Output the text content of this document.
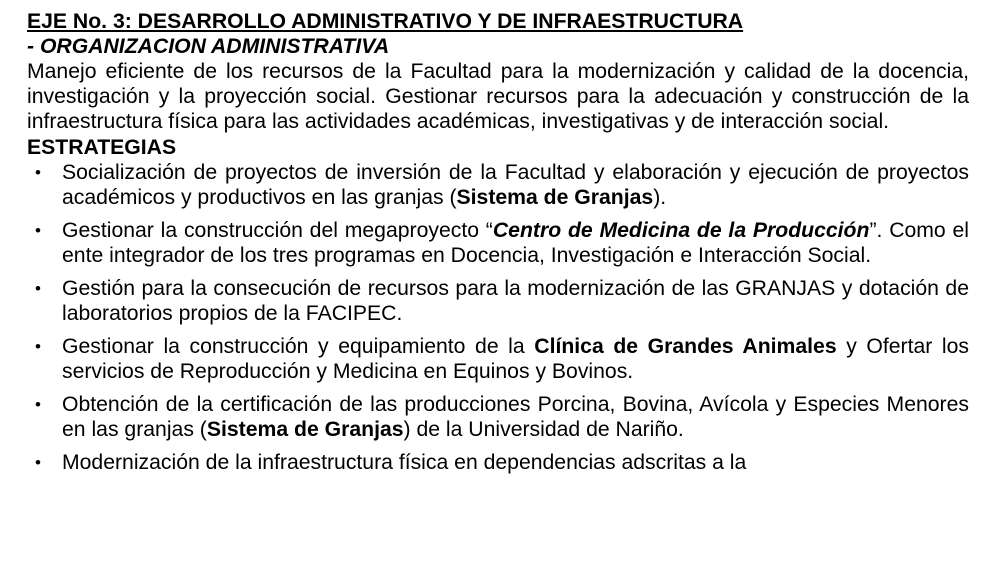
EJE No. 3: DESARROLLO ADMINISTRATIVO Y DE INFRAESTRUCTURA
- ORGANIZACION ADMINISTRATIVA
Manejo eficiente de los recursos de la Facultad para la modernización y calidad de la docencia, investigación y la proyección social. Gestionar recursos para la adecuación y construcción de la infraestructura física para las actividades académicas, investigativas y de interacción social.
ESTRATEGIAS
• Socialización de proyectos de inversión de la Facultad y elaboración y ejecución de proyectos académicos y productivos en las granjas (Sistema de Granjas).
• Gestionar la construcción del megaproyecto “Centro de Medicina de la Producción”. Como el ente integrador de los tres programas en Docencia, Investigación e Interacción Social.
• Gestión para la consecución de recursos para la modernización de las GRANJAS y dotación de laboratorios propios de la FACIPEC.
• Gestionar la construcción y equipamiento de la Clínica de Grandes Animales y Ofertar los servicios de Reproducción y Medicina en Equinos y Bovinos.
• Obtención de la certificación de las producciones Porcina, Bovina, Avícola y Especies Menores en las granjas (Sistema de Granjas) de la Universidad de Nariño.
• Modernización de la infraestructura física en dependencias adscritas a la
